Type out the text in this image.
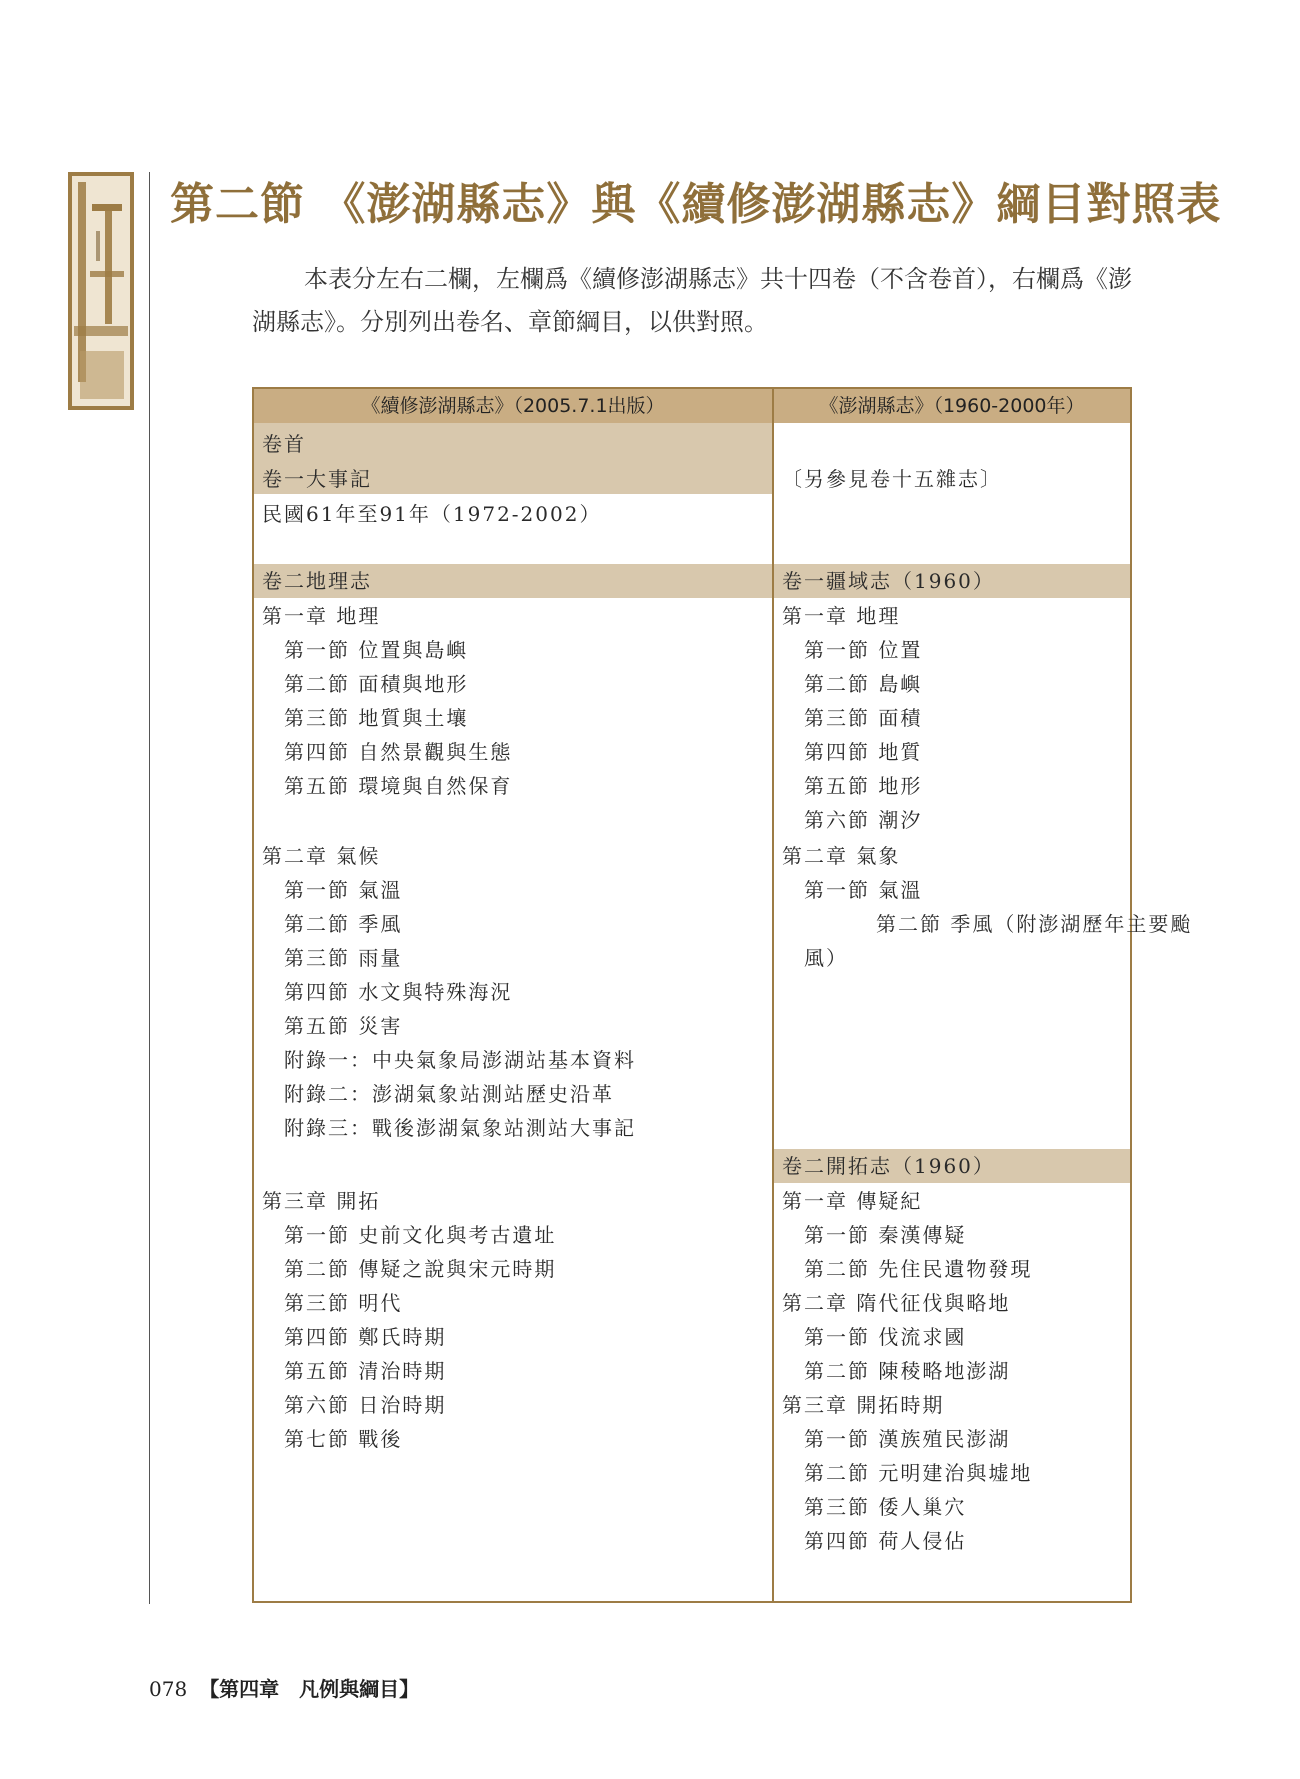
第二節 《澎湖縣志》與《續修澎湖縣志》綱目對照表

本表分左右二欄，左欄爲《續修澎湖縣志》共十四卷（不含卷首），右欄爲《澎湖縣志》。分別列出卷名、章節綱目，以供對照。

《續修澎湖縣志》（2005.7.1出版）	《澎湖縣志》（1960-2000年）
卷首
卷一大事記
民國61年至91年（1972-2002）
卷二地理志
第一章 地理
第一節 位置與島嶼
第二節 面積與地形
第三節 地質與土壤
第四節 自然景觀與生態
第五節 環境與自然保育
第二章 氣候
第一節 氣溫
第二節 季風
第三節 雨量
第四節 水文與特殊海況
第五節 災害
附錄一：中央氣象局澎湖站基本資料
附錄二：澎湖氣象站測站歷史沿革
附錄三：戰後澎湖氣象站測站大事記
第三章 開拓
第一節 史前文化與考古遺址
第二節 傳疑之說與宋元時期
第三節 明代
第四節 鄭氏時期
第五節 清治時期
第六節 日治時期
第七節 戰後
〔另參見卷十五雜志〕
卷一疆域志（1960）
第一章 地理
第一節 位置
第二節 島嶼
第三節 面積
第四節 地質
第五節 地形
第六節 潮汐
第二章 氣象
第一節 氣溫
第二節 季風（附澎湖歷年主要颱
風）
卷二開拓志（1960）
第一章 傳疑紀
第一節 秦漢傳疑
第二節 先住民遺物發現
第二章 隋代征伐與略地
第一節 伐流求國
第二節 陳稜略地澎湖
第三章 開拓時期
第一節 漢族殖民澎湖
第二節 元明建治與墟地
第三節 倭人巢穴
第四節 荷人侵佔

078 【第四章　凡例與綱目】
